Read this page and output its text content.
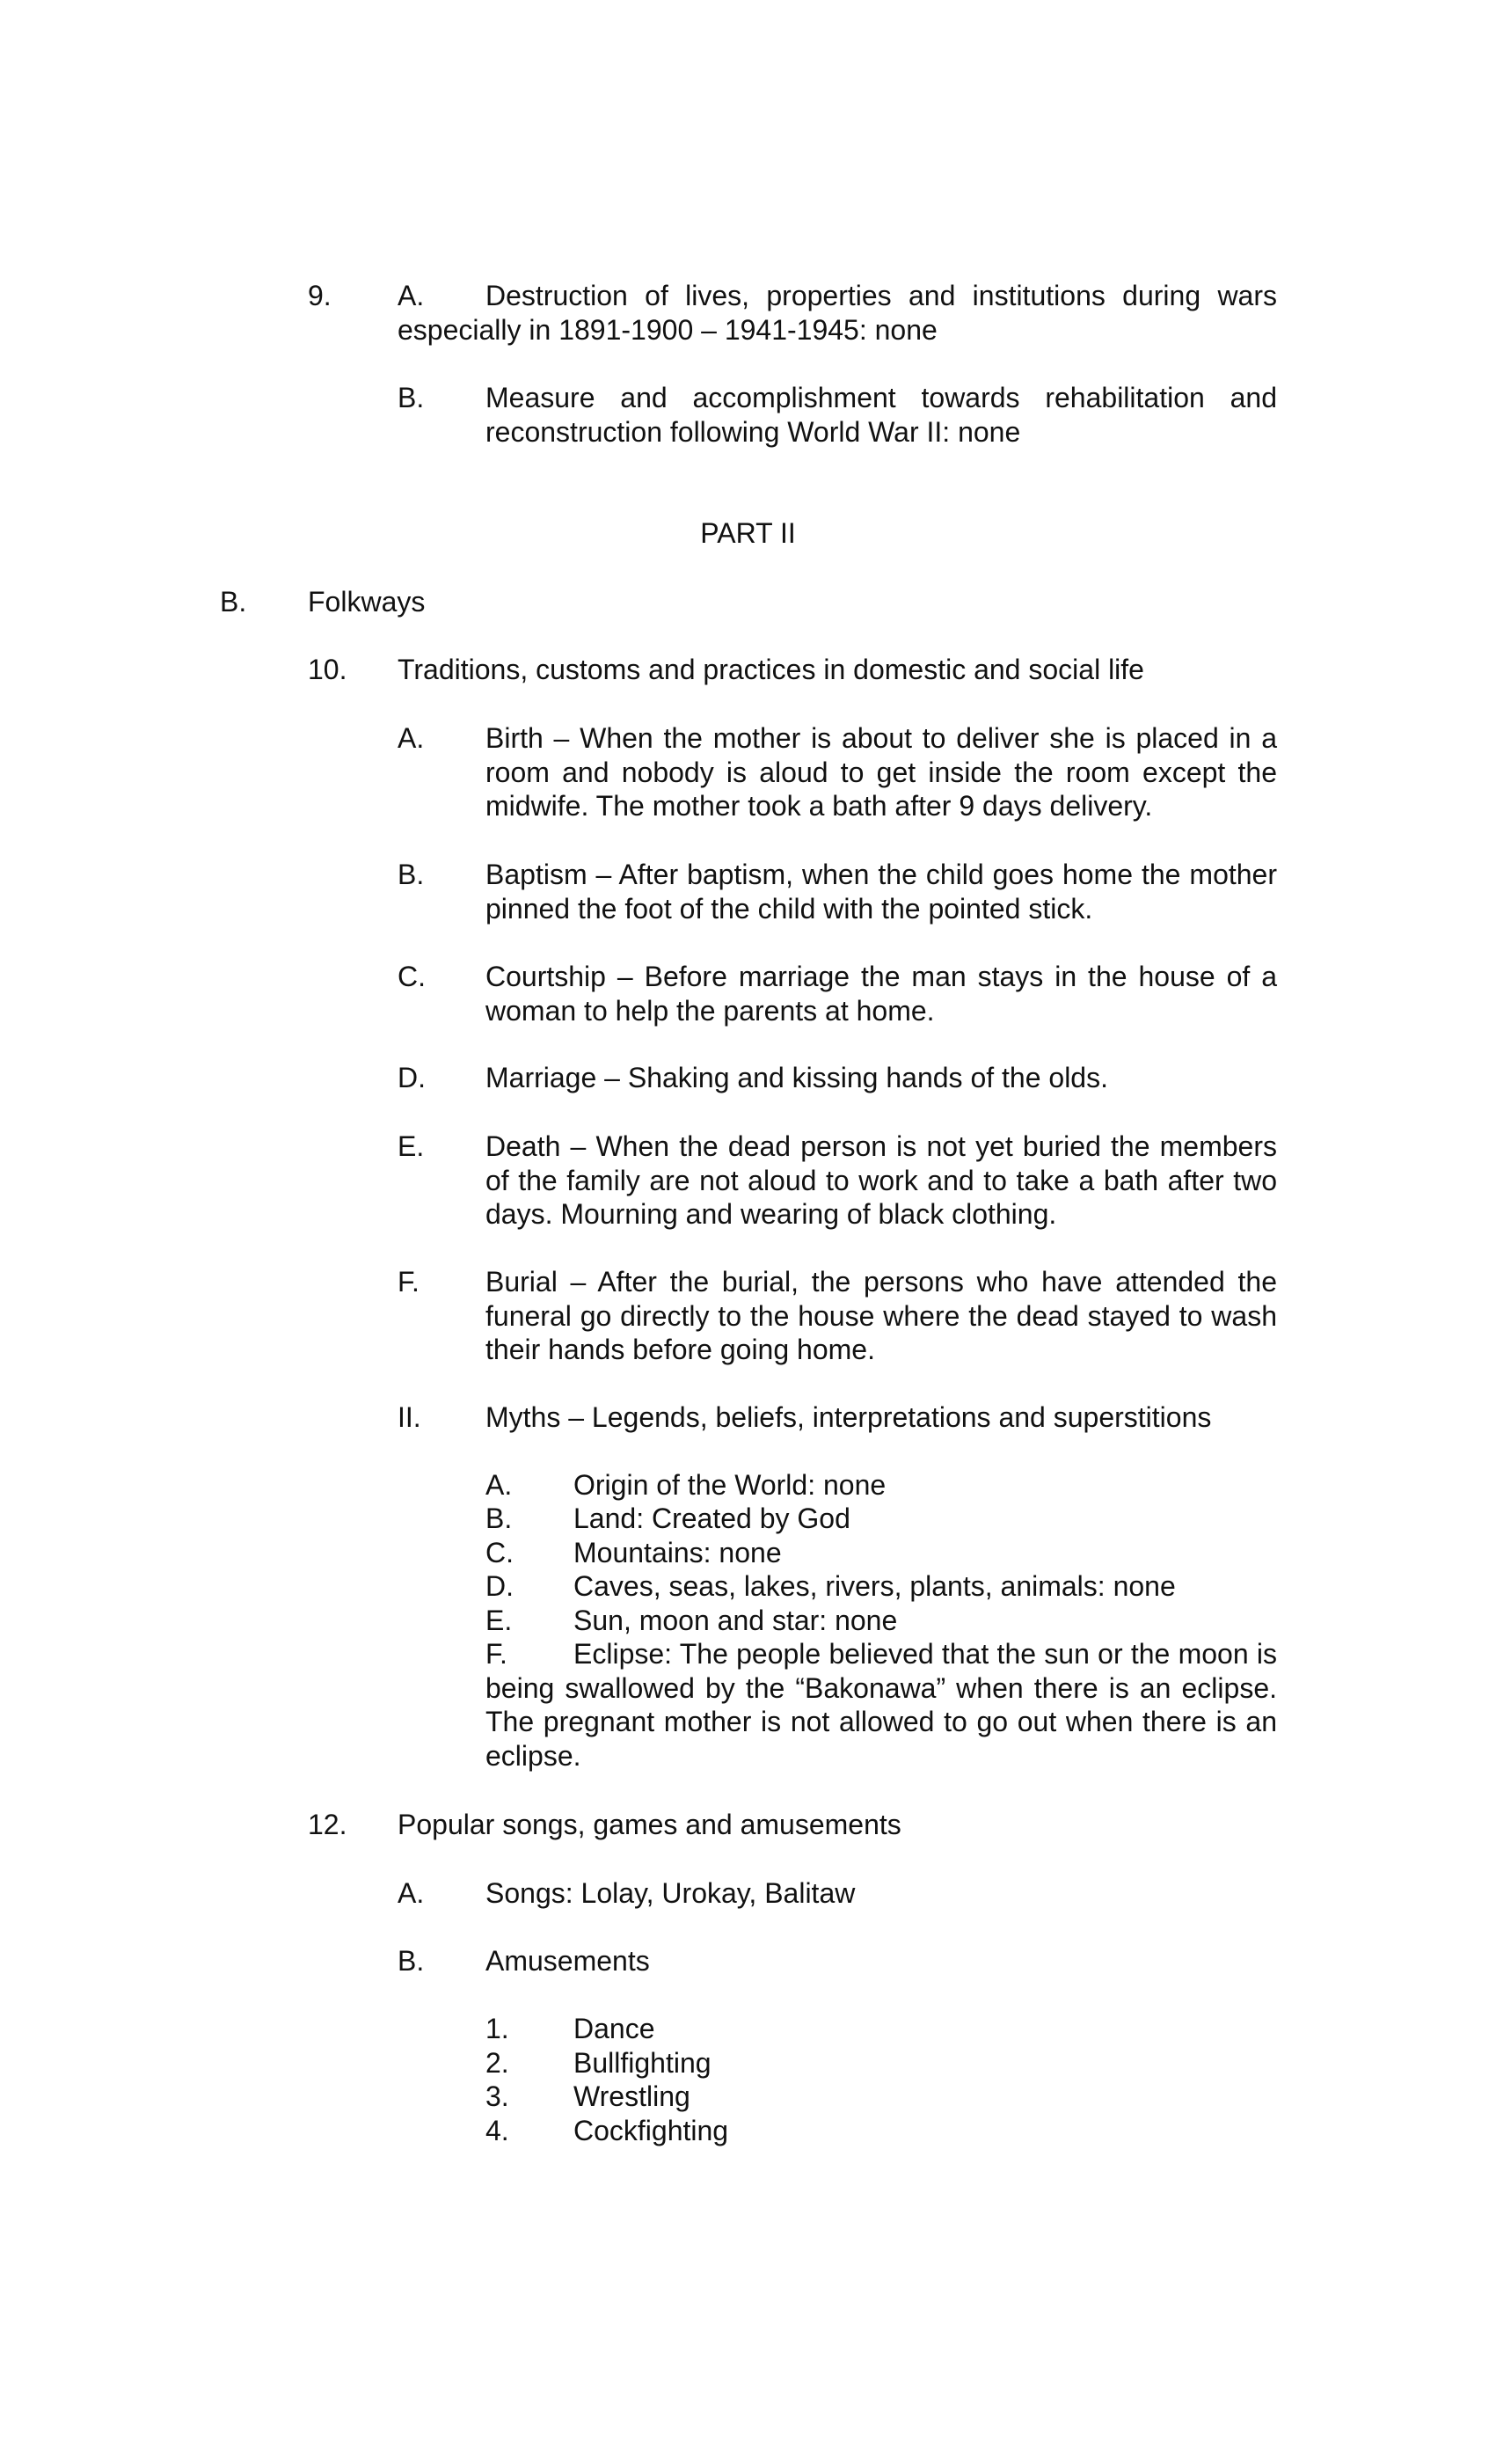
9. A.	Destruction of lives, properties and institutions during wars especially in 1891-1900 – 1941-1945: none
B. Measure and accomplishment towards rehabilitation and reconstruction following World War II: none
PART II
B. Folkways
10. Traditions, customs and practices in domestic and social life
A. Birth – When the mother is about to deliver she is placed in a room and nobody is aloud to get inside the room except the midwife. The mother took a bath after 9 days delivery.
B. Baptism – After baptism, when the child goes home the mother pinned the foot of the child with the pointed stick.
C. Courtship – Before marriage the man stays in the house of a woman to help the parents at home.
D. Marriage – Shaking and kissing hands of the olds.
E. Death – When the dead person is not yet buried the members of the family are not aloud to work and to take a bath after two days. Mourning and wearing of black clothing.
F. Burial – After the burial, the persons who have attended the funeral go directly to the house where the dead stayed to wash their hands before going home.
II. Myths – Legends, beliefs, interpretations and superstitions
A. Origin of the World: none
B. Land: Created by God
C. Mountains: none
D. Caves, seas, lakes, rivers, plants, animals: none
E. Sun, moon and star: none
F.	Eclipse: The people believed that the sun or the moon is being swallowed by the “Bakonawa” when there is an eclipse. The pregnant mother is not allowed to go out when there is an eclipse.
12. Popular songs, games and amusements
A. Songs: Lolay, Urokay, Balitaw
B. Amusements
1. Dance
2. Bullfighting
3. Wrestling
4. Cockfighting
